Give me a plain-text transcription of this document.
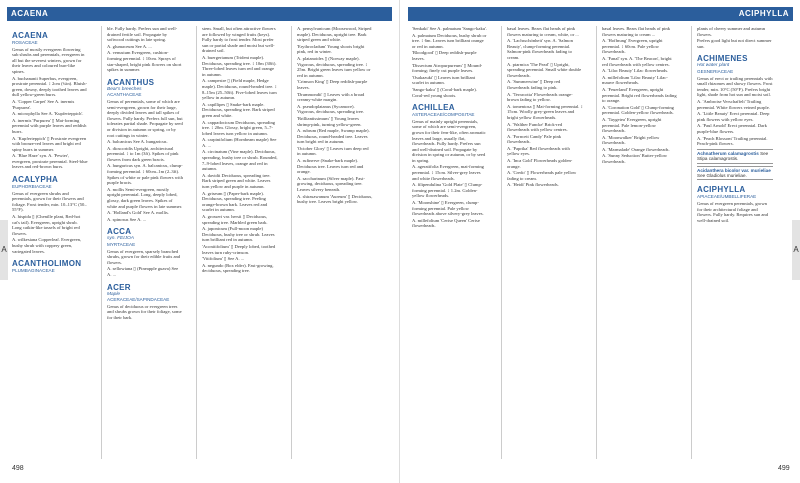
ACAENA	ACIPHYLLA
A	A
ACAENA
ROSACEAE

Genus of mostly evergreen flowering sub shrubs and perennials, evergreen in all but the severest winters, grown for their leaves and coloured burr-like spines.

A. buchananii Superbus, evergreen, prostrate perennial. ↕ 2cm (¾in). Bluish-green, downy, deeply toothed leaves and dull yellow-green burrs.

A. 'Copper Carpet' See A. inermis 'Purpurea'.

A. microphylla See A. 'Kupferteppich'.

A. inermis 'Purpurea' ▯ Mat-forming perennial with purple leaves and reddish burrs.

A. 'Kupferteppich' ▯ Prostrate evergreen with bronze-red leaves and bright red spiny burrs in summer.

A. 'Blue Haze' syn. A. 'Pewter', evergreen, prostrate perennial. Steel-blue leaves and red-brown burrs.

ACALYPHA
EUPHORBIACEAE

Genus of evergreen shrubs and perennials, grown for their flowers and foliage. Frost tender, min. 10–13°C (50–55°F).

A. hispida ▯ (Chenille plant, Red-hot cat's tail). Evergreen, upright shrub. Long catkin-like tassels of bright red flowers.

A. wilkesiana Copperleaf. Evergreen, bushy shrub with coppery green, variegated leaves.

ACANTHOLIMON
PLUMBAGINACEAE

ble. Fully hardy. Prefers sun and well-drained fertile soil. Propagate by softwood cuttings in late spring.

A. glumaceum See A. ...

A. venustum Evergreen, cushion-forming perennial. ↕ 10cm. Sprays of star-shaped, bright pink flowers on short spikes in summer.

ACANTHUS
Bear's breeches
ACANTHACEAE

Genus of perennials, some of which are semi-evergreen, grown for their large, deeply divided leaves and tall spikes of flowers. Fully hardy. Prefers full sun, but tolerates partial shade. Propagate by seed or division in autumn or spring, or by root cuttings in winter.

A. balcanicus See A. hungaricus.

A. dioscoridis Upright, architectural perennial. ↕ to 1m (3ft). Spikes of pink flowers from dark green bracts.

A. hungaricus syn. A. balcanicus, clump-forming perennial. ↕ 60cm–1m (2–3ft). Spikes of white or pale pink flowers with purple bracts.

A. mollis Semi-evergreen, mostly upright perennial. Long, deeply lobed, glossy, dark green leaves. Spikes of white and purple flowers in late summer.

A. 'Holland's Gold' See A. mollis.

A. spinosus See A. ...

ACCA
syn. FEIJOA
MYRTACEAE

Genus of evergreen, sparsely branched shrubs, grown for their edible fruits and flowers.

A. sellowiana ▯ (Pineapple guava) See A. ...

ACER
Maple
ACERACEAE/SAPINDACEAE

Genus of deciduous or evergreen trees and shrubs grown for their foliage, some for their bark.

stem. Small, but often attractive flowers are followed by winged fruits (keys). Fully hardy to frost tender. Most prefer sun or partial shade and moist but well-drained soil.

A. buergerianum (Trident maple). Deciduous, spreading tree. ↕ 10m (30ft). Three-lobed leaves turn red and orange in autumn.

A. campestre ▯ (Field maple, Hedge maple). Deciduous, round-headed tree. ↕ 8–15m (25–50ft). Five-lobed leaves turn yellow in autumn.

A. capillipes ▯ Snake-bark maple. Deciduous, spreading tree. Bark striped green and white.

A. cappadocicum Deciduous, spreading tree. ↕ 20m. Glossy, bright green, 5–7-lobed leaves turn yellow in autumn.

A. carpinifolium (Hornbeam maple) See A. ...

A. circinatum (Vine maple). Deciduous, spreading, bushy tree or shrub. Rounded, 7–9-lobed leaves, orange and red in autumn.

A. davidii Deciduous, spreading tree. Bark striped green and white. Leaves turn yellow and purple in autumn.

A. griseum ▯ (Paper-bark maple). Deciduous, spreading tree. Peeling orange-brown bark. Leaves red and scarlet in autumn.

A. grosseri var. hersii ▯ Deciduous, spreading tree. Marbled green bark.

A. japonicum (Full-moon maple) Deciduous, bushy tree or shrub. Leaves turn brilliant red in autumn.

'Aconitifolium' ▯ Deeply lobed, toothed leaves turn ruby-crimson.

'Vitifolium' ▯ See A. ...

A. negundo (Box elder). Fast-growing, deciduous, spreading tree.

A. pensylvanicum (Moosewood, Striped maple). Deciduous, upright tree. Bark striped green and white.

'Erythrocladum' Young shoots bright pink, red in winter.

A. platanoides ▯ (Norway maple). Vigorous, deciduous, spreading tree. ↕ 25m. Bright green leaves turn yellow or red in autumn.

'Crimson King' ▯ Deep reddish-purple leaves.

'Drummondii' ▯ Leaves with a broad creamy-white margin.

A. pseudoplatanus (Sycamore). Vigorous, deciduous, spreading tree.

'Brilliantissimum' ▯ Young leaves shrimp-pink, turning yellow-green.

A. rubrum (Red maple, Swamp maple). Deciduous, round-headed tree. Leaves turn bright red in autumn.

'October Glory' ▯ Leaves turn deep red in autumn.

A. rufinerve (Snake-bark maple). Deciduous tree. Leaves turn red and orange.

A. saccharinum (Silver maple). Fast-growing, deciduous, spreading tree. Leaves silvery beneath.

A. shirasawanum 'Aureum' ▯ Deciduous, bushy tree. Leaves bright yellow.

'Senkaki' See A. palmatum 'Sango-kaku'.

A. palmatum Deciduous, bushy shrub or tree. ↕ 6m. Leaves turn brilliant orange or red in autumn.

'Bloodgood' ▯ Deep reddish-purple leaves.

'Dissectum Atropurpureum' ▯ Mound-forming; finely cut purple leaves.

'Osakazuki' ▯ Leaves turn brilliant scarlet in autumn.

'Sango-kaku' ▯ (Coral-bark maple). Coral-red young shoots.

ACHILLEA
ASTERACEAE/COMPOSITAE

Genus of mainly upright perennials, some of which are semi-evergreen, grown for their fern-like, often aromatic leaves and large, usually flat, flowerheads. Fully hardy. Prefers sun and well-drained soil. Propagate by division in spring or autumn, or by seed in spring.

A. ageratifolia Evergreen, mat-forming perennial. ↕ 15cm. Silver-grey leaves and white flowerheads.

A. filipendulina 'Gold Plate' ▯ Clump-forming perennial. ↕ 1.2m. Golden-yellow flowerheads.

A. 'Moonshine' ▯ Evergreen, clump-forming perennial. Pale yellow flowerheads above silvery-grey leaves.

A. millefolium 'Cerise Queen' Cerise flowerheads.

basal leaves. Bears flat heads of pink flowers maturing to cream, white, or ...

A. 'Lachsschönheit' syn. A. 'Salmon Beauty', clump-forming perennial. Salmon-pink flowerheads fading to cream.

A. ptarmica 'The Pearl' ▯ Upright, spreading perennial. Small white double flowerheads.

A. 'Summerwine' ▯ Deep red flowerheads fading to pink.

A. 'Terracotta' Flowerheads orange-brown fading to yellow.

A. tomentosa ▯ Mat-forming perennial. ↕ 15cm. Woolly grey-green leaves and bright yellow flowerheads.

A. 'Walther Funcke' Brick-red flowerheads with yellow centres.

A. 'Forncett Candy' Pale pink flowerheads.

A. 'Paprika' Red flowerheads with yellow eyes.

A. 'Inca Gold' Flowerheads golden-orange.

A. 'Credo' ▯ Flowerheads pale yellow fading to cream.

A. 'Heidi' Pink flowerheads.

basal leaves. Bears flat heads of pink flowers maturing to cream ...

A. 'Hoffnung' Evergreen, upright perennial. ↕ 60cm. Pale yellow flowerheads.

A. 'Fanal' syn. A. 'The Beacon', bright red flowerheads with yellow centres.

A. 'Lilac Beauty' Lilac flowerheads.

A. millefolium 'Lilac Beauty' Lilac-mauve flowerheads.

A. 'Feuerland' Evergreen, upright perennial. Bright red flowerheads fading to orange.

A. 'Coronation Gold' ▯ Clump-forming perennial. Golden-yellow flowerheads.

A. 'Taygetea' Evergreen, upright perennial. Pale lemon-yellow flowerheads.

A. 'Moonwalker' Bright yellow flowerheads.

A. 'Marmalade' Orange flowerheads.

A. 'Sunny Seduction' Butter-yellow flowerheads.

plants of cheery summer and autumn flowers.

Prefers good light but not direct summer sun.

ACHIMENES
Hot water plant
GESNERIACEAE

Genus of erect or trailing perennials with small rhizomes and showy flowers. Frost tender, min. 10°C (50°F). Prefers bright light, shade from hot sun and moist soil.

A. 'Ambroise Verschaffelt' Trailing perennial. White flowers veined purple.

A. 'Little Beauty' Erect perennial. Deep pink flowers with yellow eyes.

A. 'Paul Arnold' Erect perennial. Dark purple-blue flowers.

A. 'Peach Blossom' Trailing perennial. Peach-pink flowers.

Achnatherum calamagrostis See Stipa calamagrostis.
Acidanthera bicolor var. murieliae See Gladiolus murieliae.
ACIPHYLLA
APIACEAE/UMBELLIFERAE

Genus of evergreen perennials, grown for their architectural foliage and flowers. Fully hardy. Requires sun and well-drained soil.

498	499
